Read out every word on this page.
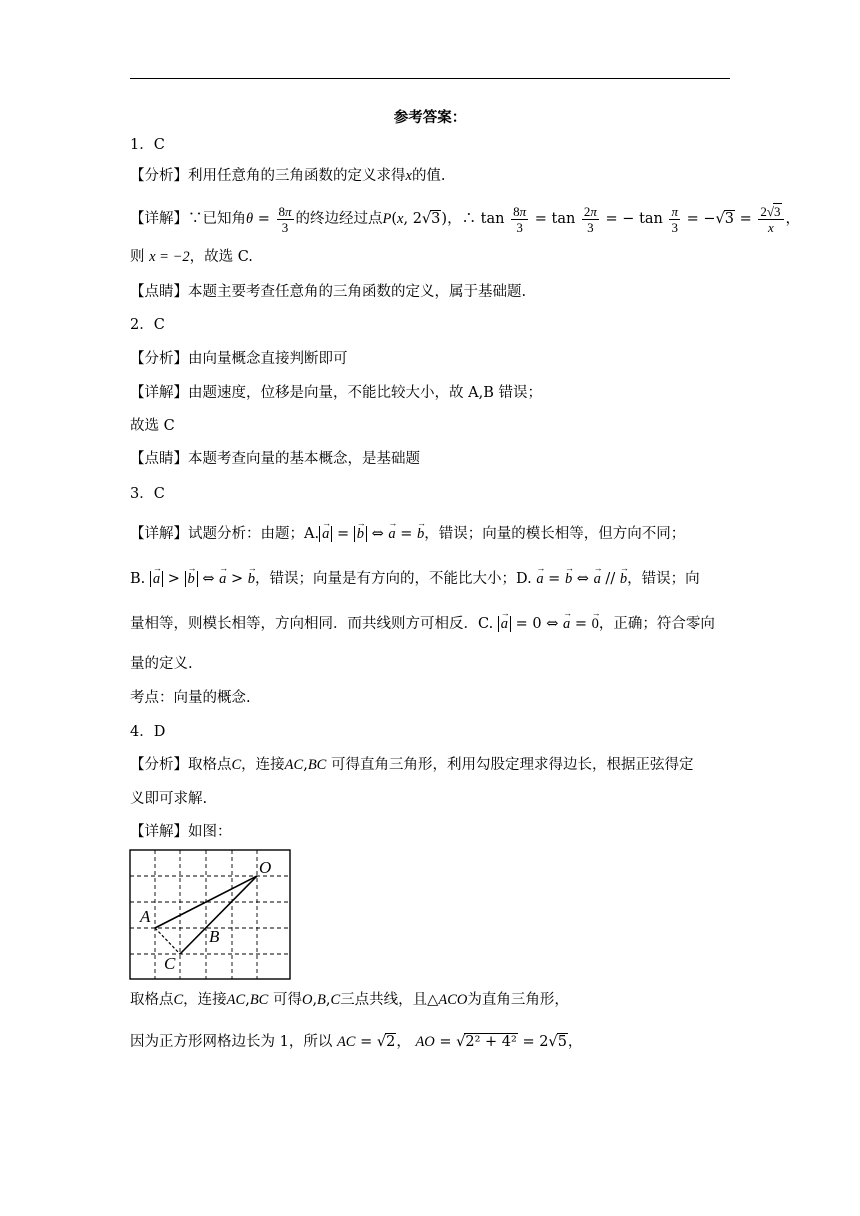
参考答案：
1．C
【分析】利用任意角的三角函数的定义求得x的值.
【详解】∵已知角$\theta = \frac{8\pi}{3}$ 的终边经过点P(x, 2√3)，∴ $\tan \frac{8\pi}{3} = \tan \frac{2\pi}{3}$ = − $\tan \frac{\pi}{3} = -√3 = \frac{2√3}{x}$ ，
则 x = −2，故选 C.
【点睛】本题主要考查任意角的三角函数的定义，属于基础题.
2．C
【分析】由向量概念直接判断即可
【详解】由题速度，位移是向量，不能比较大小，故 A,B 错误；
故选 C
【点睛】本题考查向量的基本概念，是基础题
3．C
【详解】试题分析：由题；A. → a = → b ⇔ → a = → b，错误；向量的模长相等，但方向不同；
B. → a > → b ⇔ → a > → b，错误；向量是有方向的，不能比大小；D. → a = → b ⇔ → a // → b，错误；向
量相等，则模长相等，方向相同．而共线则方可相反．C. → a = 0 ⇔ → a = → 0，正确；符合零向
量的定义.
考点：向量的概念.
4．D
【分析】取格点C，连接AC,BC 可得直角三角形，利用勾股定理求得边长，根据正弦得定
义即可求解.
【详解】如图：
O
A
B
C
取格点C，连接AC,BC 可得O,B,C三点共线，且△ACO为直角三角形，
因为正方形网格边长为 1，所以 AC = √2， AO = √2² + 4² = 2√5，
